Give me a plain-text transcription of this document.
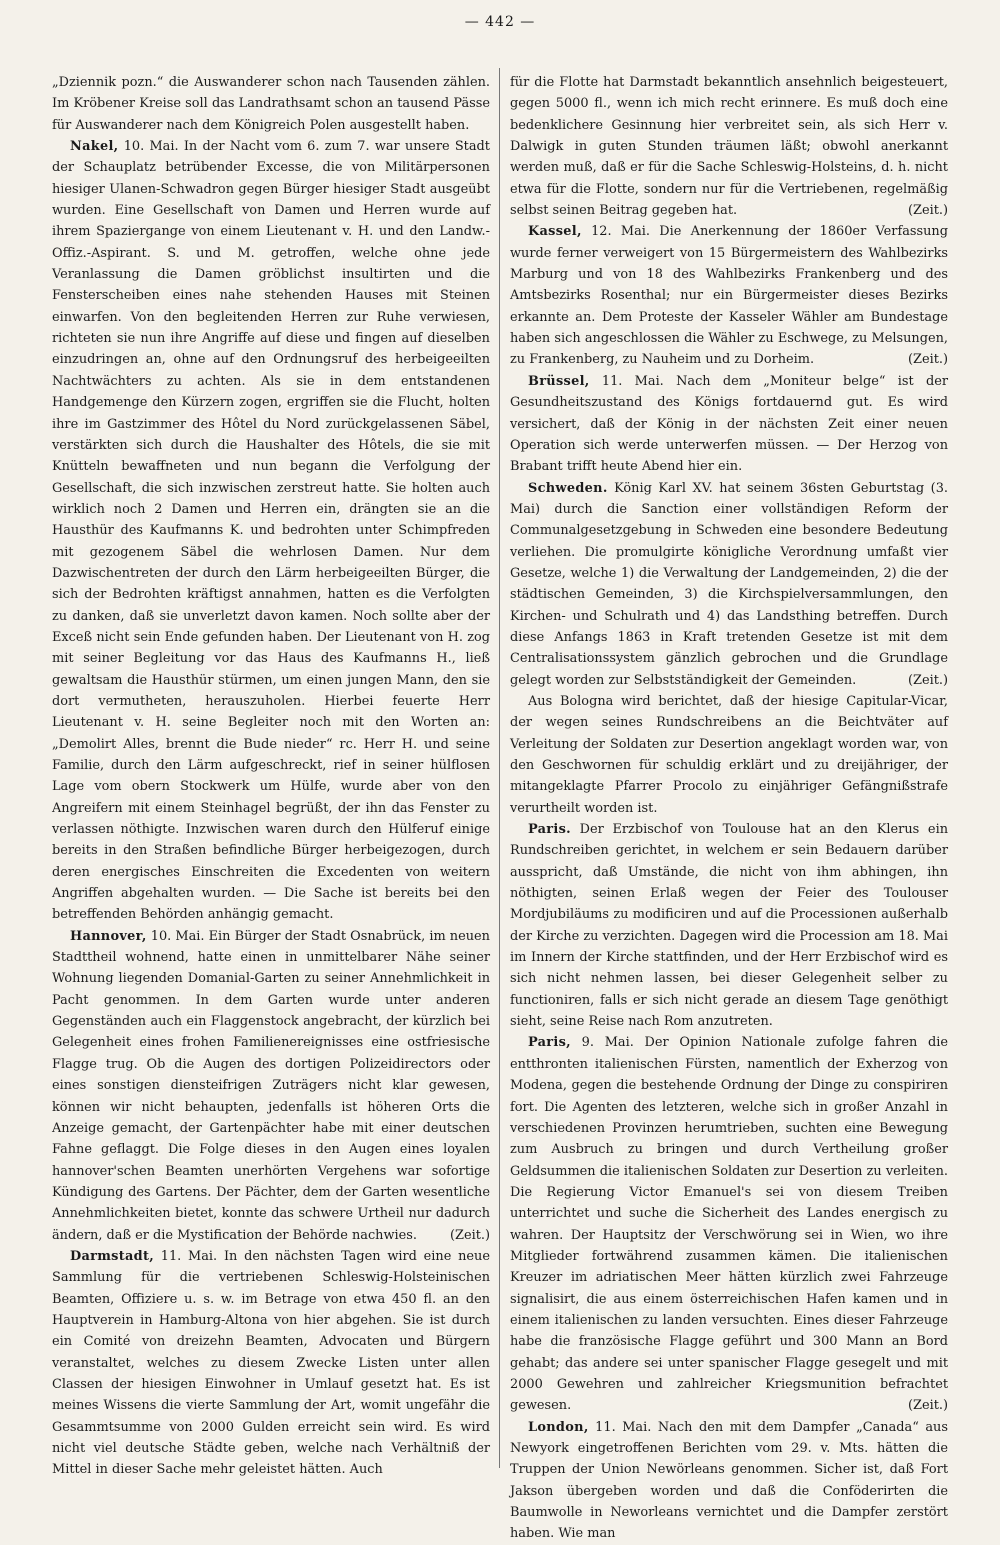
— 442 —

„Dziennik pozn.“ die Auswanderer schon nach Tausenden zählen. Im Kröbener Kreise soll das Landrathsamt schon an tausend Pässe für Auswanderer nach dem Königreich Polen ausgestellt haben.

Nakel, 10. Mai. In der Nacht vom 6. zum 7. war unsere Stadt der Schauplatz betrübender Excesse, die von Militärpersonen hiesiger Ulanen-Schwadron gegen Bürger hiesiger Stadt ausgeübt wurden. Eine Gesellschaft von Damen und Herren wurde auf ihrem Spaziergange von einem Lieutenant v. H. und den Landw.-Offiz.-Aspirant. S. und M. getroffen, welche ohne jede Veranlassung die Damen gröblichst insultirten und die Fensterscheiben eines nahe stehenden Hauses mit Steinen einwarfen. Von den begleitenden Herren zur Ruhe verwiesen, richteten sie nun ihre Angriffe auf diese und fingen auf dieselben einzudringen an, ohne auf den Ordnungsruf des herbeigeeilten Nachtwächters zu achten. Als sie in dem entstandenen Handgemenge den Kürzern zogen, ergriffen sie die Flucht, holten ihre im Gastzimmer des Hôtel du Nord zurückgelassenen Säbel, verstärkten sich durch die Haushalter des Hôtels, die sie mit Knütteln bewaffneten und nun begann die Verfolgung der Gesellschaft, die sich inzwischen zerstreut hatte. Sie holten auch wirklich noch 2 Damen und Herren ein, drängten sie an die Hausthür des Kaufmanns K. und bedrohten unter Schimpfreden mit gezogenem Säbel die wehrlosen Damen. Nur dem Dazwischentreten der durch den Lärm herbeigeeilten Bürger, die sich der Bedrohten kräftigst annahmen, hatten es die Verfolgten zu danken, daß sie unverletzt davon kamen. Noch sollte aber der Exceß nicht sein Ende gefunden haben. Der Lieutenant von H. zog mit seiner Begleitung vor das Haus des Kaufmanns H., ließ gewaltsam die Hausthür stürmen, um einen jungen Mann, den sie dort vermutheten, herauszuholen. Hierbei feuerte Herr Lieutenant v. H. seine Begleiter noch mit den Worten an: „Demolirt Alles, brennt die Bude nieder“ rc. Herr H. und seine Familie, durch den Lärm aufgeschreckt, rief in seiner hülflosen Lage vom obern Stockwerk um Hülfe, wurde aber von den Angreifern mit einem Steinhagel begrüßt, der ihn das Fenster zu verlassen nöthigte. Inzwischen waren durch den Hülferuf einige bereits in den Straßen befindliche Bürger herbeigezogen, durch deren energisches Einschreiten die Excedenten von weitern Angriffen abgehalten wurden. — Die Sache ist bereits bei den betreffenden Behörden anhängig gemacht.

Hannover, 10. Mai. Ein Bürger der Stadt Osnabrück, im neuen Stadttheil wohnend, hatte einen in unmittelbarer Nähe seiner Wohnung liegenden Domanial-Garten zu seiner Annehmlichkeit in Pacht genommen. In dem Garten wurde unter anderen Gegenständen auch ein Flaggenstock angebracht, der kürzlich bei Gelegenheit eines frohen Familienereignisses eine ostfriesische Flagge trug. Ob die Augen des dortigen Polizeidirectors oder eines sonstigen diensteifrigen Zuträgers nicht klar gewesen, können wir nicht behaupten, jedenfalls ist höheren Orts die Anzeige gemacht, der Gartenpächter habe mit einer deutschen Fahne geflaggt. Die Folge dieses in den Augen eines loyalen hannover'schen Beamten unerhörten Vergehens war sofortige Kündigung des Gartens. Der Pächter, dem der Garten wesentliche Annehmlichkeiten bietet, konnte das schwere Urtheil nur dadurch ändern, daß er die Mystification der Behörde nachwies.	(Zeit.)

Darmstadt, 11. Mai. In den nächsten Tagen wird eine neue Sammlung für die vertriebenen Schleswig-Holsteinischen Beamten, Offiziere u. s. w. im Betrage von etwa 450 fl. an den Hauptverein in Hamburg-Altona von hier abgehen. Sie ist durch ein Comité von dreizehn Beamten, Advocaten und Bürgern veranstaltet, welches zu diesem Zwecke Listen unter allen Classen der hiesigen Einwohner in Umlauf gesetzt hat. Es ist meines Wissens die vierte Sammlung der Art, womit ungefähr die Gesammtsumme von 2000 Gulden erreicht sein wird. Es wird nicht viel deutsche Städte geben, welche nach Verhältniß der Mittel in dieser Sache mehr geleistet hätten. Auch

für die Flotte hat Darmstadt bekanntlich ansehnlich beigesteuert, gegen 5000 fl., wenn ich mich recht erinnere. Es muß doch eine bedenklichere Gesinnung hier verbreitet sein, als sich Herr v. Dalwigk in guten Stunden träumen läßt; obwohl anerkannt werden muß, daß er für die Sache Schleswig-Holsteins, d. h. nicht etwa für die Flotte, sondern nur für die Vertriebenen, regelmäßig selbst seinen Beitrag gegeben hat.	(Zeit.)

Kassel, 12. Mai. Die Anerkennung der 1860er Verfassung wurde ferner verweigert von 15 Bürgermeistern des Wahlbezirks Marburg und von 18 des Wahlbezirks Frankenberg und des Amtsbezirks Rosenthal; nur ein Bürgermeister dieses Bezirks erkannte an. Dem Proteste der Kasseler Wähler am Bundestage haben sich angeschlossen die Wähler zu Eschwege, zu Melsungen, zu Frankenberg, zu Nauheim und zu Dorheim.	(Zeit.)

Brüssel, 11. Mai. Nach dem „Moniteur belge“ ist der Gesundheitszustand des Königs fortdauernd gut. Es wird versichert, daß der König in der nächsten Zeit einer neuen Operation sich werde unterwerfen müssen. — Der Herzog von Brabant trifft heute Abend hier ein.

Schweden. König Karl XV. hat seinem 36sten Geburtstag (3. Mai) durch die Sanction einer vollständigen Reform der Communalgesetzgebung in Schweden eine besondere Bedeutung verliehen. Die promulgirte königliche Verordnung umfaßt vier Gesetze, welche 1) die Verwaltung der Landgemeinden, 2) die der städtischen Gemeinden, 3) die Kirchspielversammlungen, den Kirchen- und Schulrath und 4) das Landsthing betreffen. Durch diese Anfangs 1863 in Kraft tretenden Gesetze ist mit dem Centralisationssystem gänzlich gebrochen und die Grundlage gelegt worden zur Selbstständigkeit der Gemeinden.	(Zeit.)

Aus Bologna wird berichtet, daß der hiesige Capitular-Vicar, der wegen seines Rundschreibens an die Beichtväter auf Verleitung der Soldaten zur Desertion angeklagt worden war, von den Geschwornen für schuldig erklärt und zu dreijähriger, der mitangeklagte Pfarrer Procolo zu einjähriger Gefängnißstrafe verurtheilt worden ist.

Paris. Der Erzbischof von Toulouse hat an den Klerus ein Rundschreiben gerichtet, in welchem er sein Bedauern darüber ausspricht, daß Umstände, die nicht von ihm abhingen, ihn nöthigten, seinen Erlaß wegen der Feier des Toulouser Mordjubiläums zu modificiren und auf die Processionen außerhalb der Kirche zu verzichten. Dagegen wird die Procession am 18. Mai im Innern der Kirche stattfinden, und der Herr Erzbischof wird es sich nicht nehmen lassen, bei dieser Gelegenheit selber zu functioniren, falls er sich nicht gerade an diesem Tage genöthigt sieht, seine Reise nach Rom anzutreten.

Paris, 9. Mai. Der Opinion Nationale zufolge fahren die entthronten italienischen Fürsten, namentlich der Exherzog von Modena, gegen die bestehende Ordnung der Dinge zu conspiriren fort. Die Agenten des letzteren, welche sich in großer Anzahl in verschiedenen Provinzen herumtrieben, suchten eine Bewegung zum Ausbruch zu bringen und durch Vertheilung großer Geldsummen die italienischen Soldaten zur Desertion zu verleiten. Die Regierung Victor Emanuel's sei von diesem Treiben unterrichtet und suche die Sicherheit des Landes energisch zu wahren. Der Hauptsitz der Verschwörung sei in Wien, wo ihre Mitglieder fortwährend zusammen kämen. Die italienischen Kreuzer im adriatischen Meer hätten kürzlich zwei Fahrzeuge signalisirt, die aus einem österreichischen Hafen kamen und in einem italienischen zu landen versuchten. Eines dieser Fahrzeuge habe die französische Flagge geführt und 300 Mann an Bord gehabt; das andere sei unter spanischer Flagge gesegelt und mit 2000 Gewehren und zahlreicher Kriegsmunition befrachtet gewesen.	(Zeit.)

London, 11. Mai. Nach den mit dem Dampfer „Canada“ aus Newyork eingetroffenen Berichten vom 29. v. Mts. hätten die Truppen der Union Newörleans genommen. Sicher ist, daß Fort Jakson übergeben worden und daß die Conföderirten die Baumwolle in Neworleans vernichtet und die Dampfer zerstört haben. Wie man
